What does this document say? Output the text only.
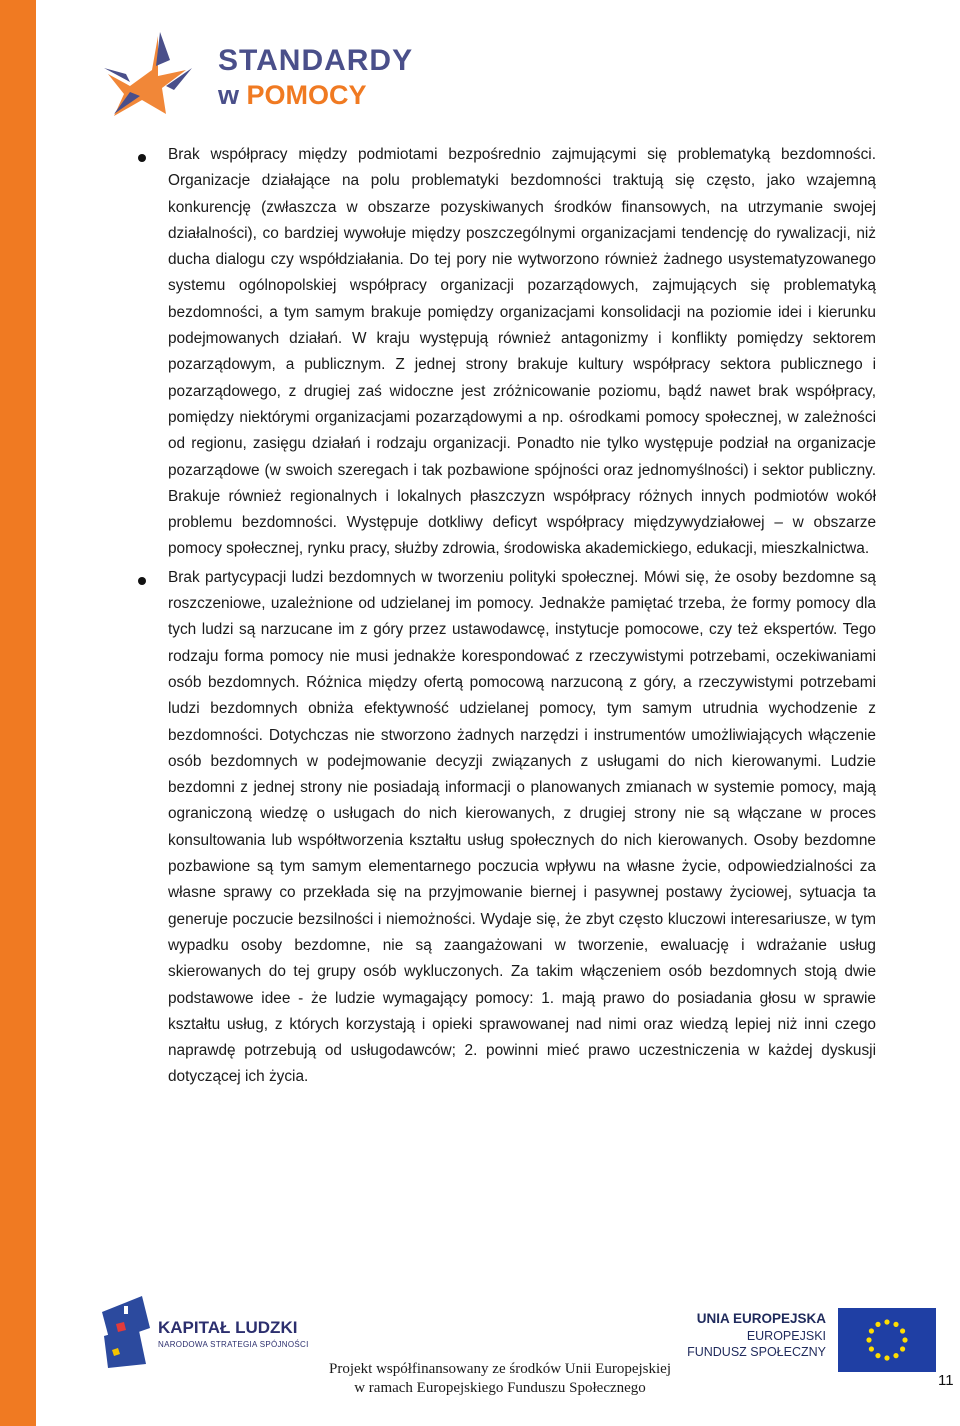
STANDARDY
w POMOCY

Brak współpracy między podmiotami bezpośrednio zajmującymi się problematyką bezdomności. Organizacje działające na polu problematyki bezdomności traktują się często, jako wzajemną konkurencję (zwłaszcza w obszarze pozyskiwanych środków finansowych, na utrzymanie swojej działalności), co bardziej wywołuje między poszczególnymi organizacjami tendencję do rywalizacji, niż ducha dialogu czy współdziałania. Do tej pory nie wytworzono również żadnego usystematyzowanego systemu ogólnopolskiej współpracy organizacji pozarządowych, zajmujących się problematyką bezdomności, a tym samym brakuje pomiędzy organizacjami konsolidacji na poziomie idei i kierunku podejmowanych działań. W kraju występują również antagonizmy i konflikty pomiędzy sektorem pozarządowym, a publicznym. Z jednej strony brakuje kultury współpracy sektora publicznego i pozarządowego, z drugiej zaś widoczne jest zróżnicowanie poziomu, bądź nawet brak współpracy, pomiędzy niektórymi organizacjami pozarządowymi a np. ośrodkami pomocy społecznej, w zależności od regionu, zasięgu działań i rodzaju organizacji. Ponadto nie tylko występuje podział na organizacje pozarządowe (w swoich szeregach i tak pozbawione spójności oraz jednomyślności) i sektor publiczny. Brakuje również regionalnych i lokalnych płaszczyzn współpracy różnych innych podmiotów wokół problemu bezdomności. Występuje dotkliwy deficyt współpracy międzywydziałowej – w obszarze pomocy społecznej, rynku pracy, służby zdrowia, środowiska akademickiego, edukacji, mieszkalnictwa.

Brak partycypacji ludzi bezdomnych w tworzeniu polityki społecznej. Mówi się, że osoby bezdomne są roszczeniowe, uzależnione od udzielanej im pomocy. Jednakże pamiętać trzeba, że formy pomocy dla tych ludzi są narzucane im z góry przez ustawodawcę, instytucje pomocowe, czy też ekspertów. Tego rodzaju forma pomocy nie musi jednakże korespondować z rzeczywistymi potrzebami, oczekiwaniami osób bezdomnych. Różnica między ofertą pomocową narzuconą z góry, a rzeczywistymi potrzebami ludzi bezdomnych obniża efektywność udzielanej pomocy, tym samym utrudnia wychodzenie z bezdomności. Dotychczas nie stworzono żadnych narzędzi i instrumentów umożliwiających włączenie osób bezdomnych w podejmowanie decyzji związanych z usługami do nich kierowanymi. Ludzie bezdomni z jednej strony nie posiadają informacji o planowanych zmianach w systemie pomocy, mają ograniczoną wiedzę o usługach do nich kierowanych, z drugiej strony nie są włączane w proces konsultowania lub współtworzenia kształtu usług społecznych do nich kierowanych. Osoby bezdomne pozbawione są tym samym elementarnego poczucia wpływu na własne życie, odpowiedzialności za własne sprawy co przekłada się na przyjmowanie biernej i pasywnej postawy życiowej, sytuacja ta generuje poczucie bezsilności i niemożności. Wydaje się, że zbyt często kluczowi interesariusze, w tym wypadku osoby bezdomne, nie są zaangażowani w tworzenie, ewaluację i wdrażanie usług skierowanych do tej grupy osób wykluczonych. Za takim włączeniem osób bezdomnych stoją dwie podstawowe idee - że ludzie wymagający pomocy: 1. mają prawo do posiadania głosu w sprawie kształtu usług, z których korzystają i opieki sprawowanej nad nimi oraz wiedzą lepiej niż inni czego naprawdę potrzebują od usługodawców; 2. powinni mieć prawo uczestniczenia w każdej dyskusji dotyczącej ich życia.

KAPITAŁ LUDZKI
NARODOWA STRATEGIA SPÓJNOŚCI
Projekt współfinansowany ze środków Unii Europejskiej
w ramach Europejskiego Funduszu Społecznego
UNIA EUROPEJSKA
EUROPEJSKI
FUNDUSZ SPOŁECZNY
11
